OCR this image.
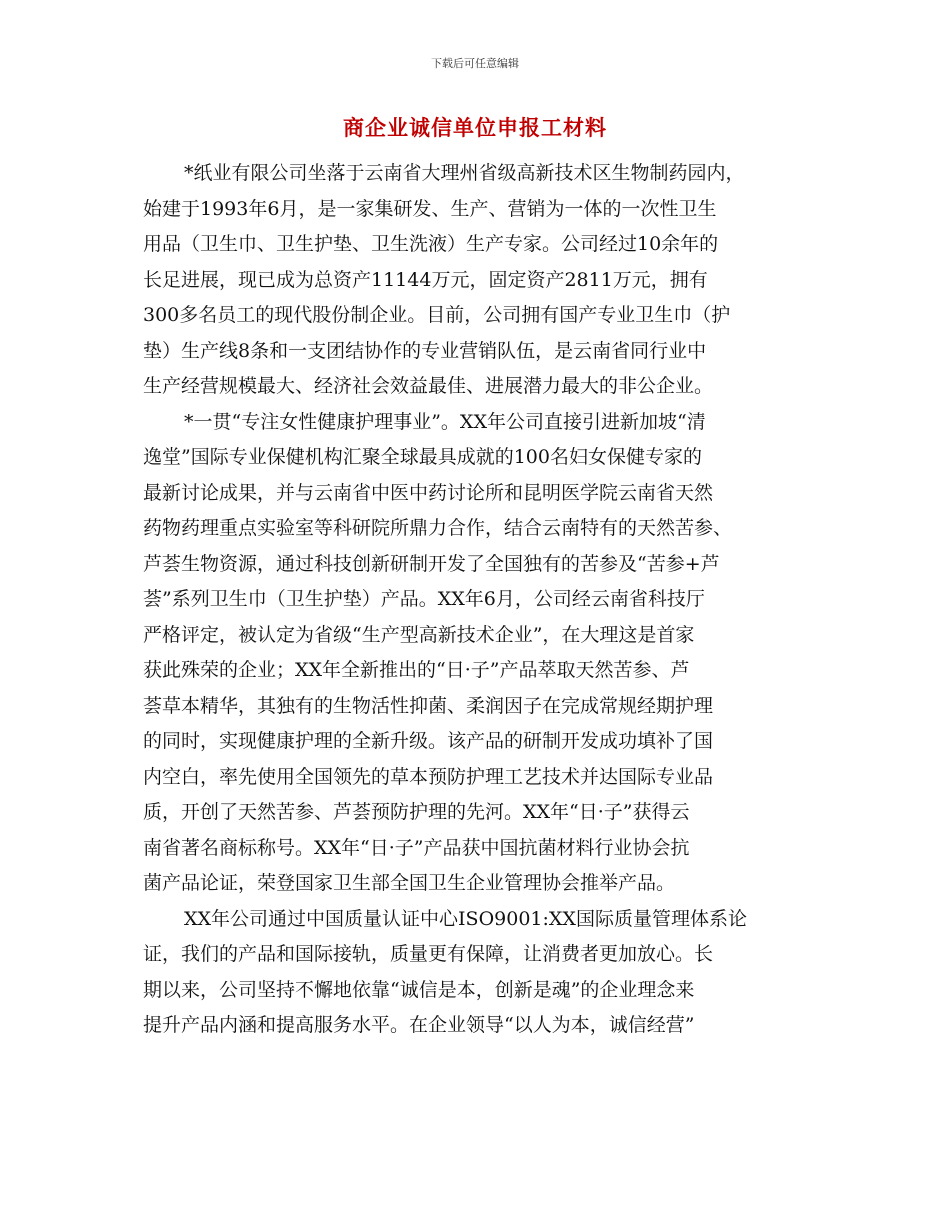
下载后可任意编辑
商企业诚信单位申报工材料
*纸业有限公司坐落于云南省大理州省级高新技术区生物制药园内，
始建于1993年6月，是一家集研发、生产、营销为一体的一次性卫生
用品（卫生巾、卫生护垫、卫生洗液）生产专家。公司经过10余年的
长足进展，现已成为总资产11144万元，固定资产2811万元，拥有
300多名员工的现代股份制企业。目前，公司拥有国产专业卫生巾（护
垫）生产线8条和一支团结协作的专业营销队伍，是云南省同行业中
生产经营规模最大、经济社会效益最佳、进展潜力最大的非公企业。
*一贯“专注女性健康护理事业”。XX年公司直接引进新加坡“清
逸堂”国际专业保健机构汇聚全球最具成就的100名妇女保健专家的
最新讨论成果，并与云南省中医中药讨论所和昆明医学院云南省天然
药物药理重点实验室等科研院所鼎力合作，结合云南特有的天然苦参、
芦荟生物资源，通过科技创新研制开发了全国独有的苦参及“苦参+芦
荟”系列卫生巾（卫生护垫）产品。XX年6月，公司经云南省科技厅
严格评定，被认定为省级“生产型高新技术企业”，在大理这是首家
获此殊荣的企业；XX年全新推出的“日·子”产品萃取天然苦参、芦
荟草本精华，其独有的生物活性抑菌、柔润因子在完成常规经期护理
的同时，实现健康护理的全新升级。该产品的研制开发成功填补了国
内空白，率先使用全国领先的草本预防护理工艺技术并达国际专业品
质，开创了天然苦参、芦荟预防护理的先河。XX年“日·子”获得云
南省著名商标称号。XX年“日·子”产品获中国抗菌材料行业协会抗
菌产品论证，荣登国家卫生部全国卫生企业管理协会推举产品。
XX年公司通过中国质量认证中心ISO9001:XX国际质量管理体系论
证，我们的产品和国际接轨，质量更有保障，让消费者更加放心。长
期以来，公司坚持不懈地依靠“诚信是本，创新是魂”的企业理念来
提升产品内涵和提高服务水平。在企业领导“以人为本，诚信经营”
